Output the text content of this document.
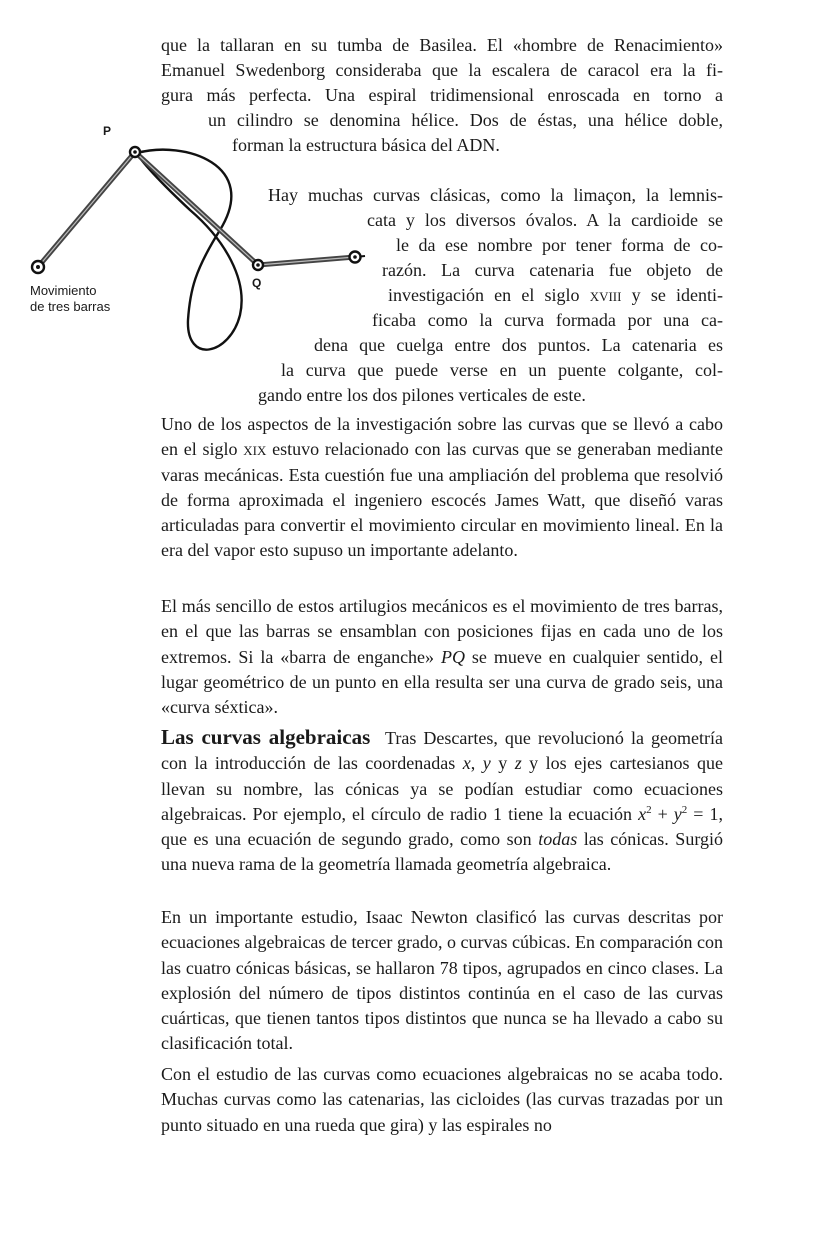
que la tallaran en su tumba de Basilea. El «hombre de Renacimiento»
Emanuel Swedenborg consideraba que la escalera de caracol era la fi-
gura más perfecta. Una espiral tridimensional enroscada en torno a
un cilindro se denomina hélice. Dos de éstas, una hélice doble,
forman la estructura básica del ADN.
P
Q
Movimiento
de tres barras
Hay muchas curvas clásicas, como la limaçon, la lemnis-
cata y los diversos óvalos. A la cardioide se
le da ese nombre por tener forma de co-
razón. La curva catenaria fue objeto de
investigación en el siglo xviii y se identi-
ficaba como la curva formada por una ca-
dena que cuelga entre dos puntos. La catenaria es
la curva que puede verse en un puente colgante, col-
gando entre los dos pilones verticales de este.

Uno de los aspectos de la investigación sobre las curvas que se llevó a cabo en el siglo xix estuvo relacionado con las curvas que se generaban mediante varas mecánicas. Esta cuestión fue una ampliación del problema que resolvió de forma aproximada el ingeniero escocés James Watt, que diseñó varas articuladas para convertir el movimiento circular en movimiento lineal. En la era del vapor esto supuso un importante adelanto.

El más sencillo de estos artilugios mecánicos es el movimiento de tres barras, en el que las barras se ensamblan con posiciones fijas en cada uno de los extremos. Si la «barra de enganche» PQ se mueve en cualquier sentido, el lugar geométrico de un punto en ella resulta ser una curva de grado seis, una «curva séxtica».

Las curvas algebraicas Tras Descartes, que revolucionó la geometría con la introducción de las coordenadas x, y y z y los ejes cartesianos que llevan su nombre, las cónicas ya se podían estudiar como ecuaciones algebraicas. Por ejemplo, el círculo de radio 1 tiene la ecuación $x^2 + y^2 = 1$, que es una ecuación de segundo grado, como son todas las cónicas. Surgió una nueva rama de la geometría llamada geometría algebraica.

En un importante estudio, Isaac Newton clasificó las curvas descritas por ecuaciones algebraicas de tercer grado, o curvas cúbicas. En comparación con las cuatro cónicas básicas, se hallaron 78 tipos, agrupados en cinco clases. La explosión del número de tipos distintos continúa en el caso de las curvas cuárticas, que tienen tantos tipos distintos que nunca se ha llevado a cabo su clasificación total.

Con el estudio de las curvas como ecuaciones algebraicas no se acaba todo. Muchas curvas como las catenarias, las cicloides (las curvas trazadas por un punto situado en una rueda que gira) y las espirales no
